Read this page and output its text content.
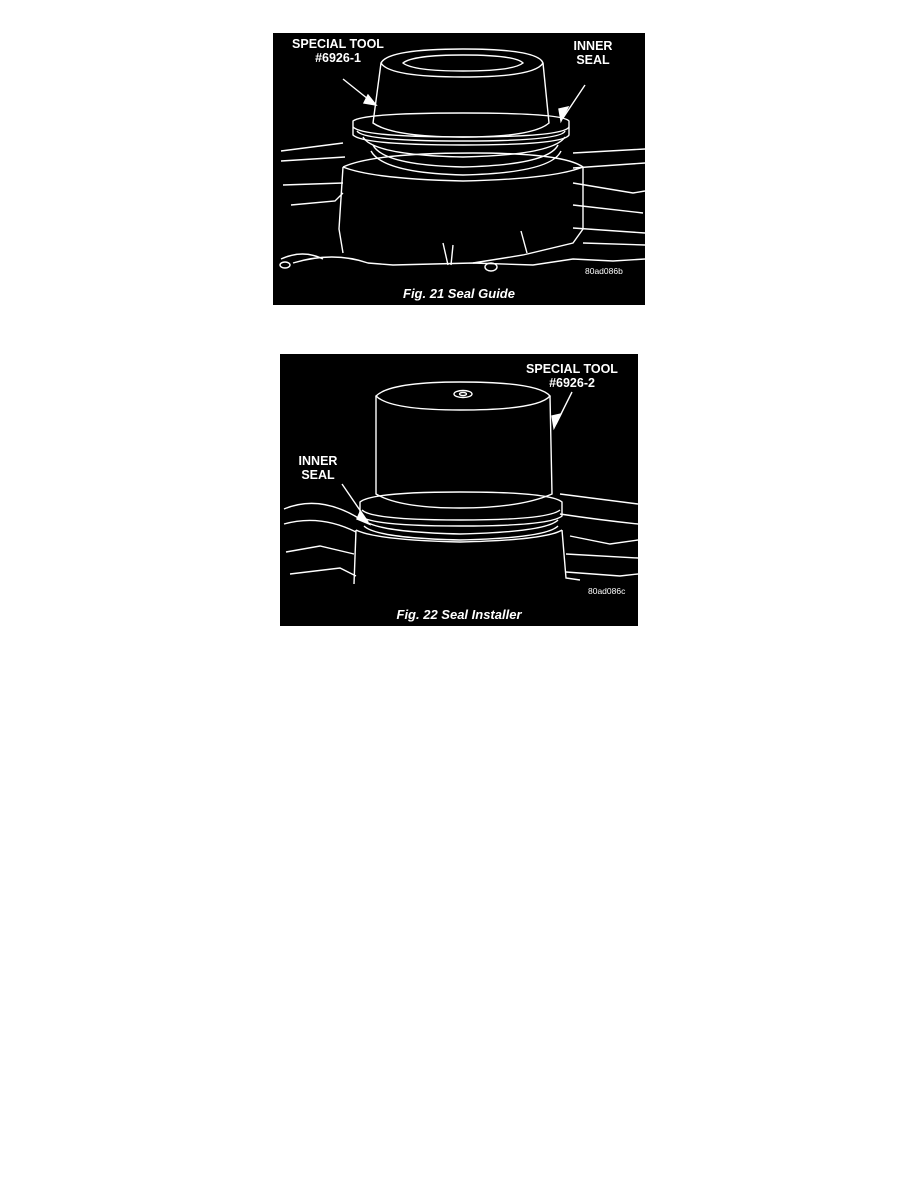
SPECIAL TOOL
#6926-1
INNER
SEAL
80ad086b
Fig. 21 Seal Guide
SPECIAL TOOL
#6926-2
INNER
SEAL
80ad086c
Fig. 22 Seal Installer
